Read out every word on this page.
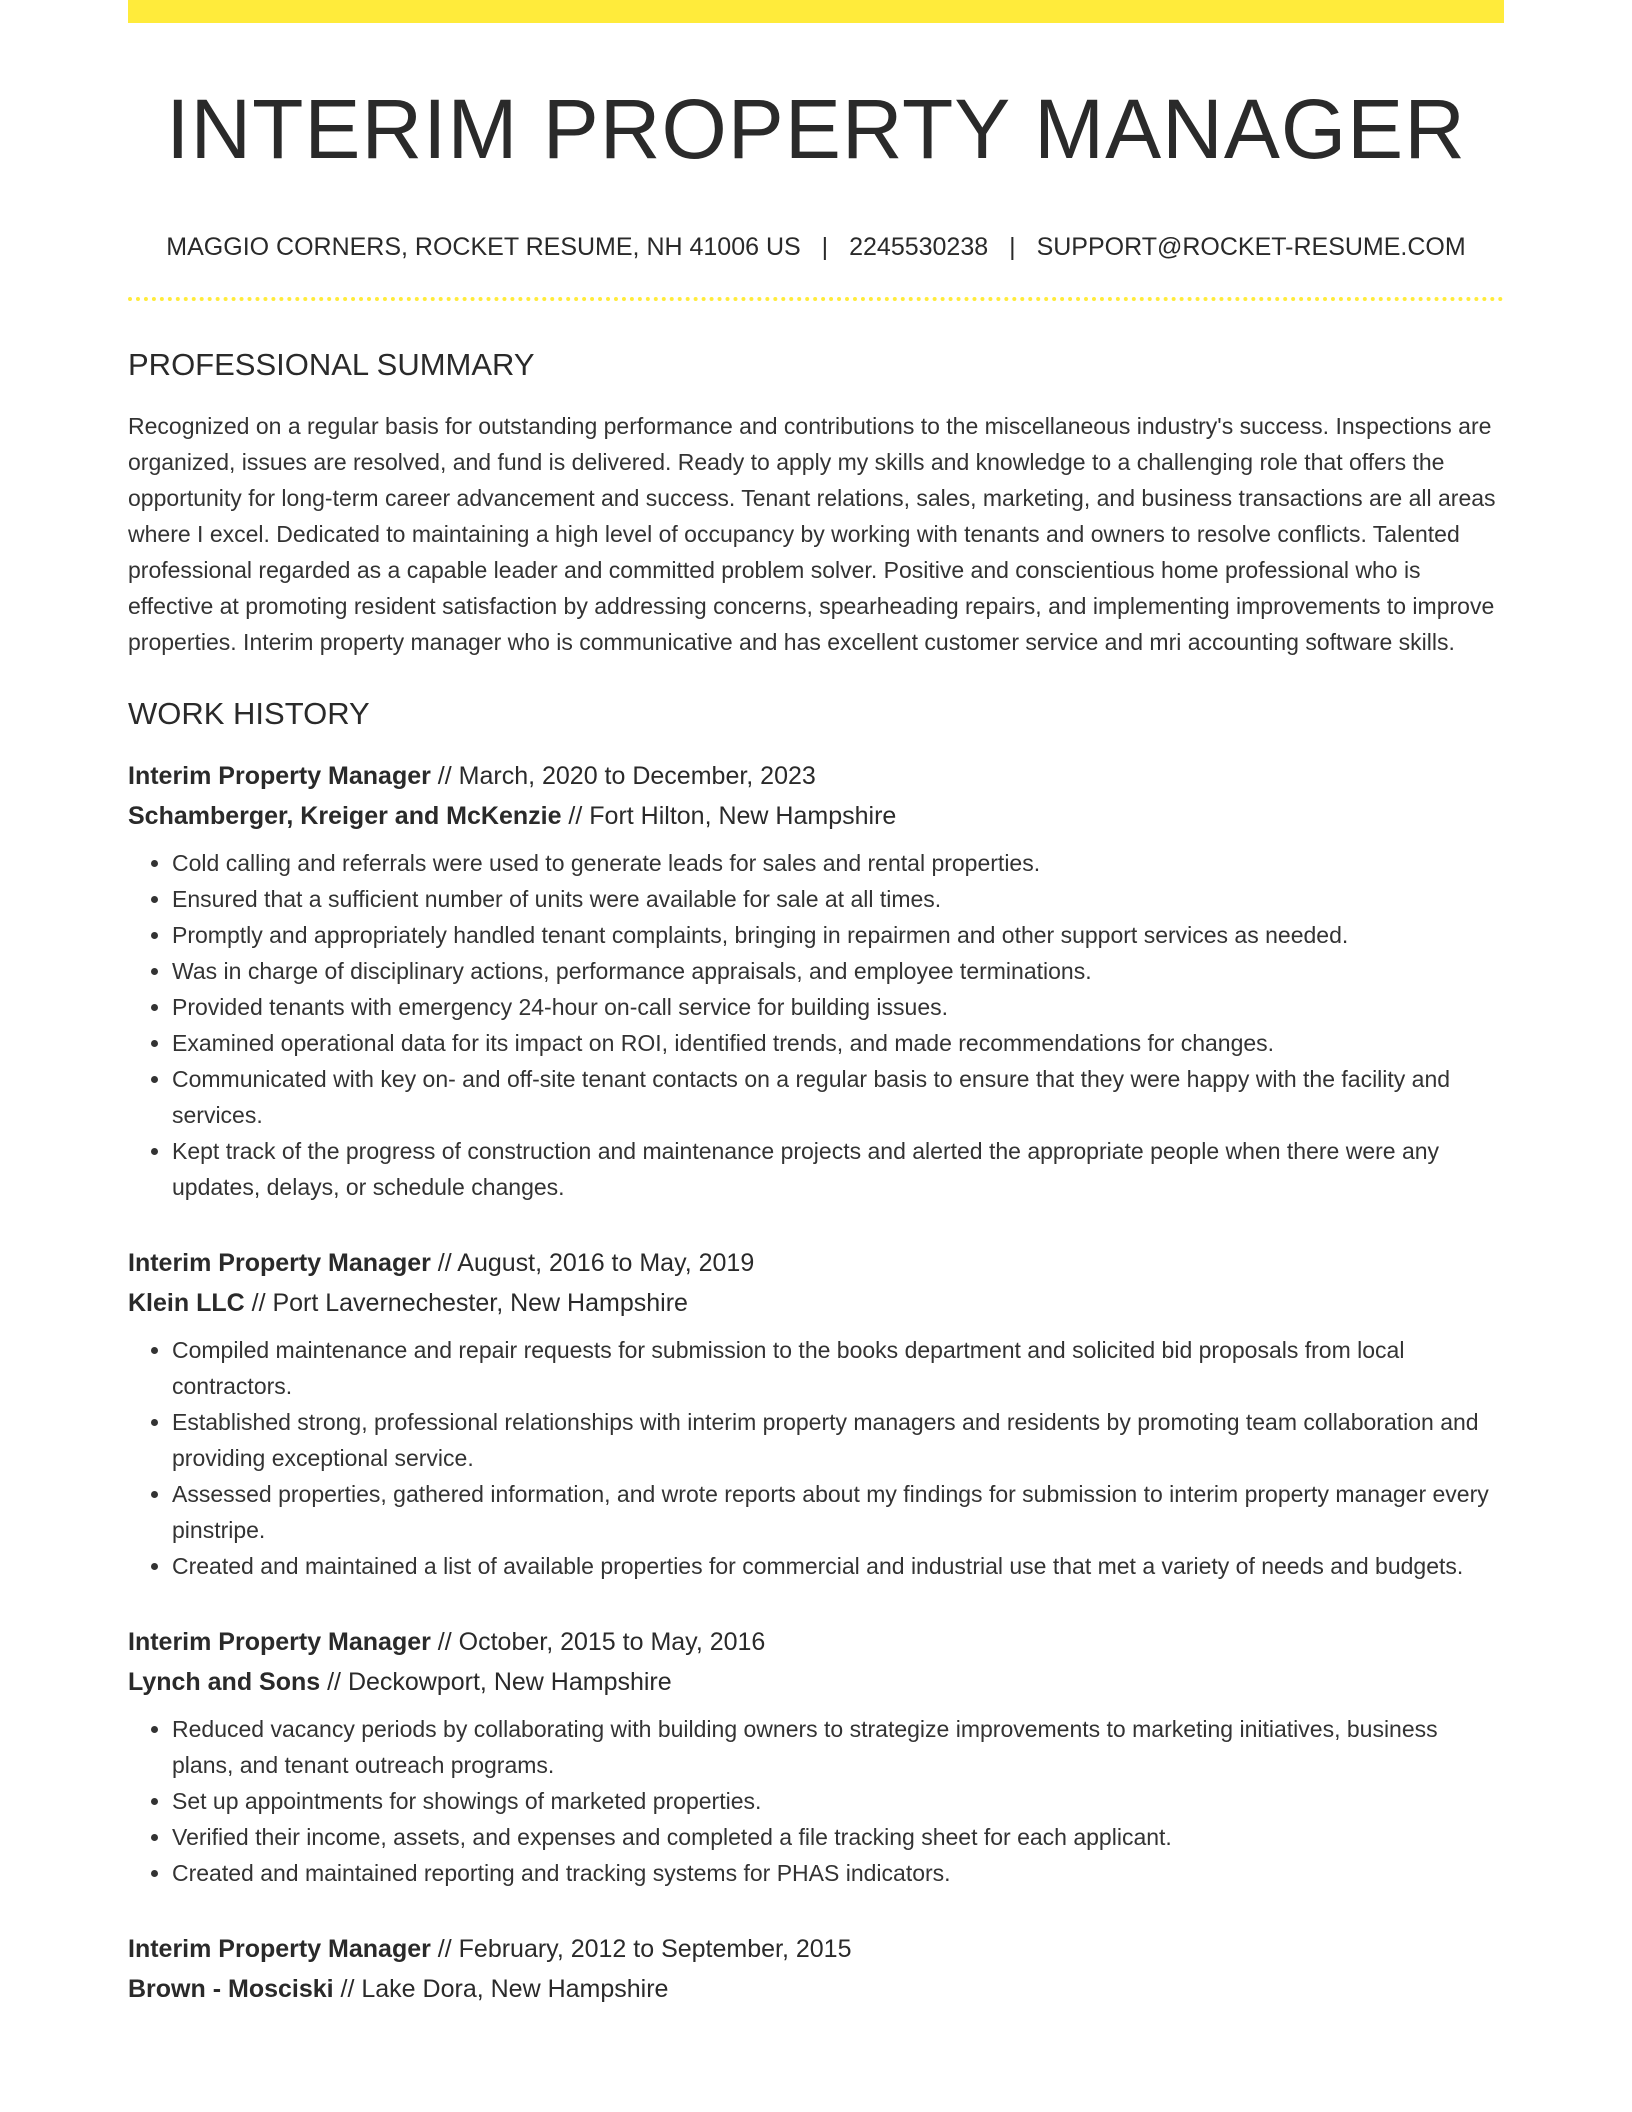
INTERIM PROPERTY MANAGER
MAGGIO CORNERS, ROCKET RESUME, NH 41006 US | 2245530238 | SUPPORT@ROCKET-RESUME.COM
PROFESSIONAL SUMMARY

Recognized on a regular basis for outstanding performance and contributions to the miscellaneous industry's success. Inspections are organized, issues are resolved, and fund is delivered. Ready to apply my skills and knowledge to a challenging role that offers the opportunity for long-term career advancement and success. Tenant relations, sales, marketing, and business transactions are all areas where I excel. Dedicated to maintaining a high level of occupancy by working with tenants and owners to resolve conflicts. Talented professional regarded as a capable leader and committed problem solver. Positive and conscientious home professional who is effective at promoting resident satisfaction by addressing concerns, spearheading repairs, and implementing improvements to improve properties. Interim property manager who is communicative and has excellent customer service and mri accounting software skills.

WORK HISTORY
Interim Property Manager // March, 2020 to December, 2023
Schamberger, Kreiger and McKenzie // Fort Hilton, New Hampshire
• Cold calling and referrals were used to generate leads for sales and rental properties.
• Ensured that a sufficient number of units were available for sale at all times.
• Promptly and appropriately handled tenant complaints, bringing in repairmen and other support services as needed.
• Was in charge of disciplinary actions, performance appraisals, and employee terminations.
• Provided tenants with emergency 24-hour on-call service for building issues.
• Examined operational data for its impact on ROI, identified trends, and made recommendations for changes.
• Communicated with key on- and off-site tenant contacts on a regular basis to ensure that they were happy with the facility and services.
• Kept track of the progress of construction and maintenance projects and alerted the appropriate people when there were any updates, delays, or schedule changes.
Interim Property Manager // August, 2016 to May, 2019
Klein LLC // Port Lavernechester, New Hampshire
• Compiled maintenance and repair requests for submission to the books department and solicited bid proposals from local contractors.
• Established strong, professional relationships with interim property managers and residents by promoting team collaboration and providing exceptional service.
• Assessed properties, gathered information, and wrote reports about my findings for submission to interim property manager every pinstripe.
• Created and maintained a list of available properties for commercial and industrial use that met a variety of needs and budgets.
Interim Property Manager // October, 2015 to May, 2016
Lynch and Sons // Deckowport, New Hampshire
• Reduced vacancy periods by collaborating with building owners to strategize improvements to marketing initiatives, business plans, and tenant outreach programs.
• Set up appointments for showings of marketed properties.
• Verified their income, assets, and expenses and completed a file tracking sheet for each applicant.
• Created and maintained reporting and tracking systems for PHAS indicators.
Interim Property Manager // February, 2012 to September, 2015
Brown - Mosciski // Lake Dora, New Hampshire
